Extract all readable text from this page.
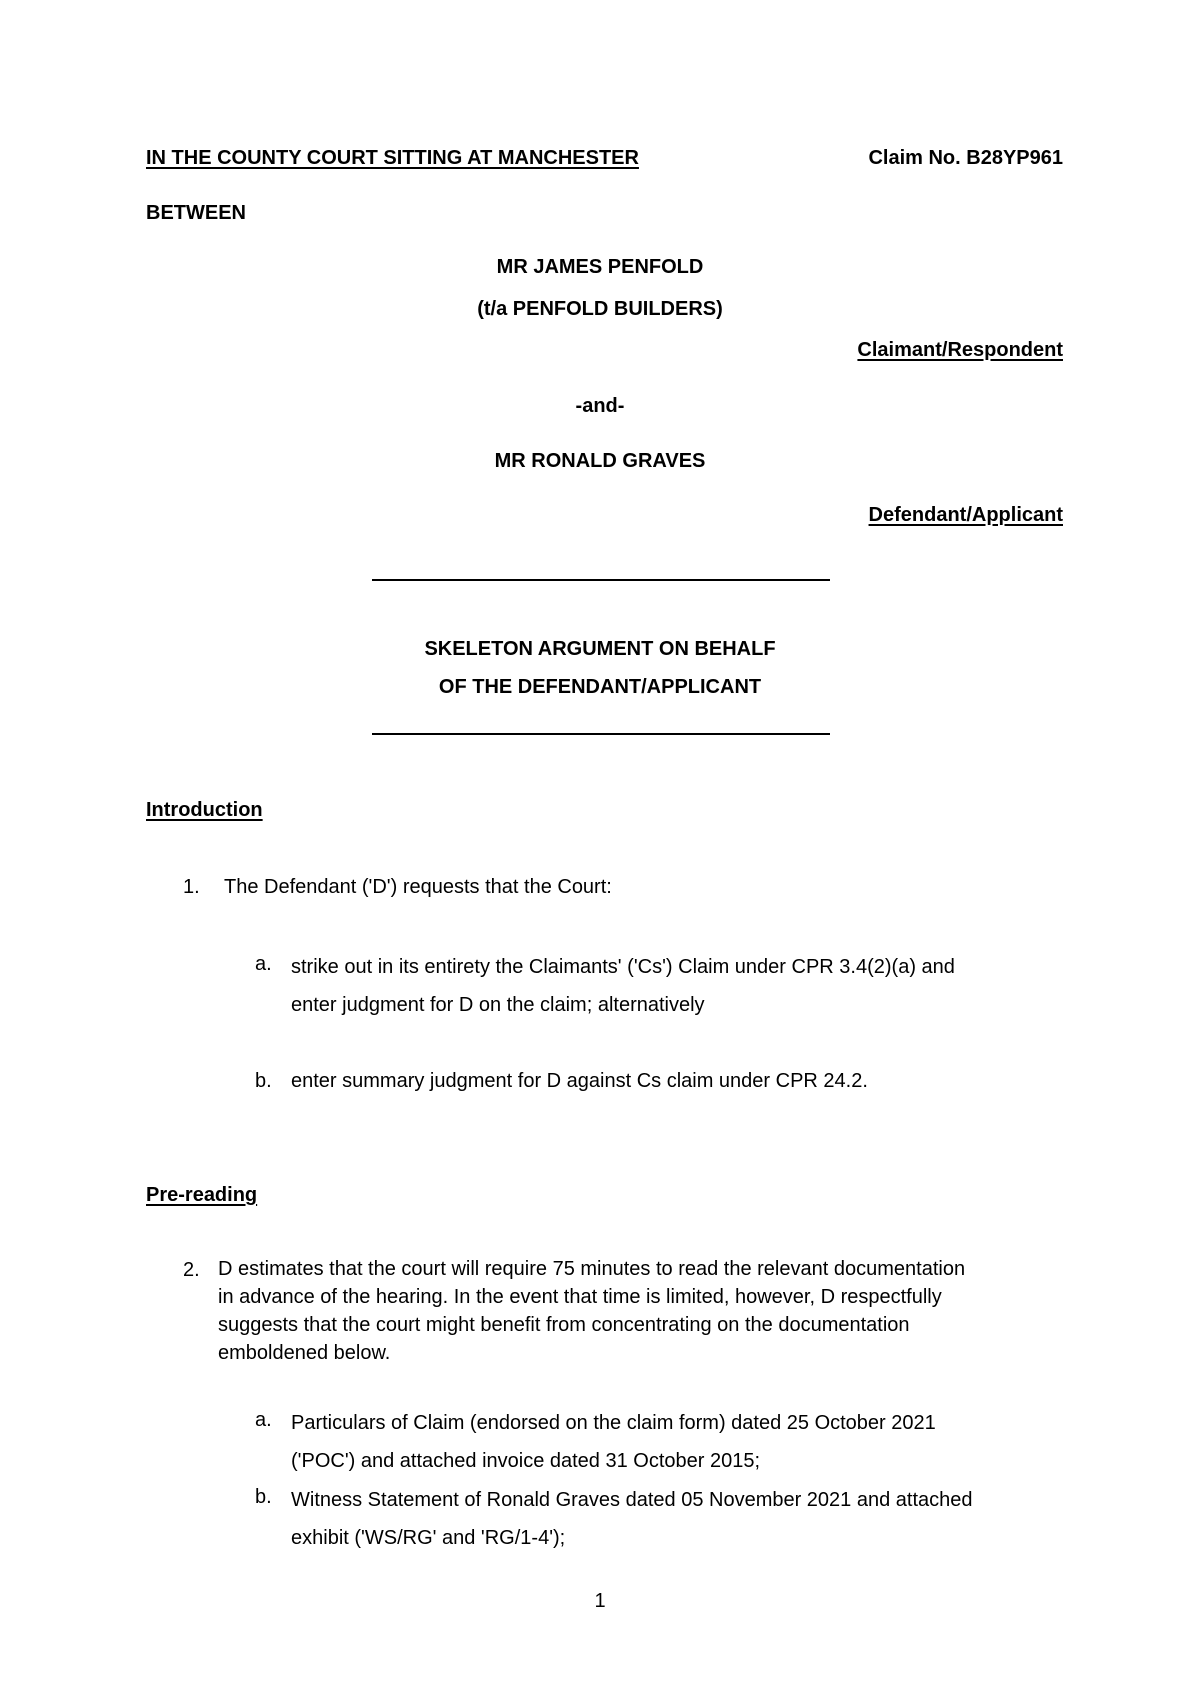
IN THE COUNTY COURT SITTING AT MANCHESTER	Claim No. B28YP961
BETWEEN
MR JAMES PENFOLD
(t/a PENFOLD BUILDERS)
Claimant/Respondent
-and-
MR RONALD GRAVES
Defendant/Applicant
SKELETON ARGUMENT ON BEHALF
OF THE DEFENDANT/APPLICANT
Introduction
1. The Defendant ('D') requests that the Court:
a. strike out in its entirety the Claimants' ('Cs') Claim under CPR 3.4(2)(a) and
enter judgment for D on the claim; alternatively
b. enter summary judgment for D against Cs claim under CPR 24.2.
Pre-reading
2. D estimates that the court will require 75 minutes to read the relevant documentation
in advance of the hearing. In the event that time is limited, however, D respectfully
suggests that the court might benefit from concentrating on the documentation
emboldened below.
a. Particulars of Claim (endorsed on the claim form) dated 25 October 2021
('POC') and attached invoice dated 31 October 2015;
b. Witness Statement of Ronald Graves dated 05 November 2021 and attached
exhibit ('WS/RG' and 'RG/1-4');
1
